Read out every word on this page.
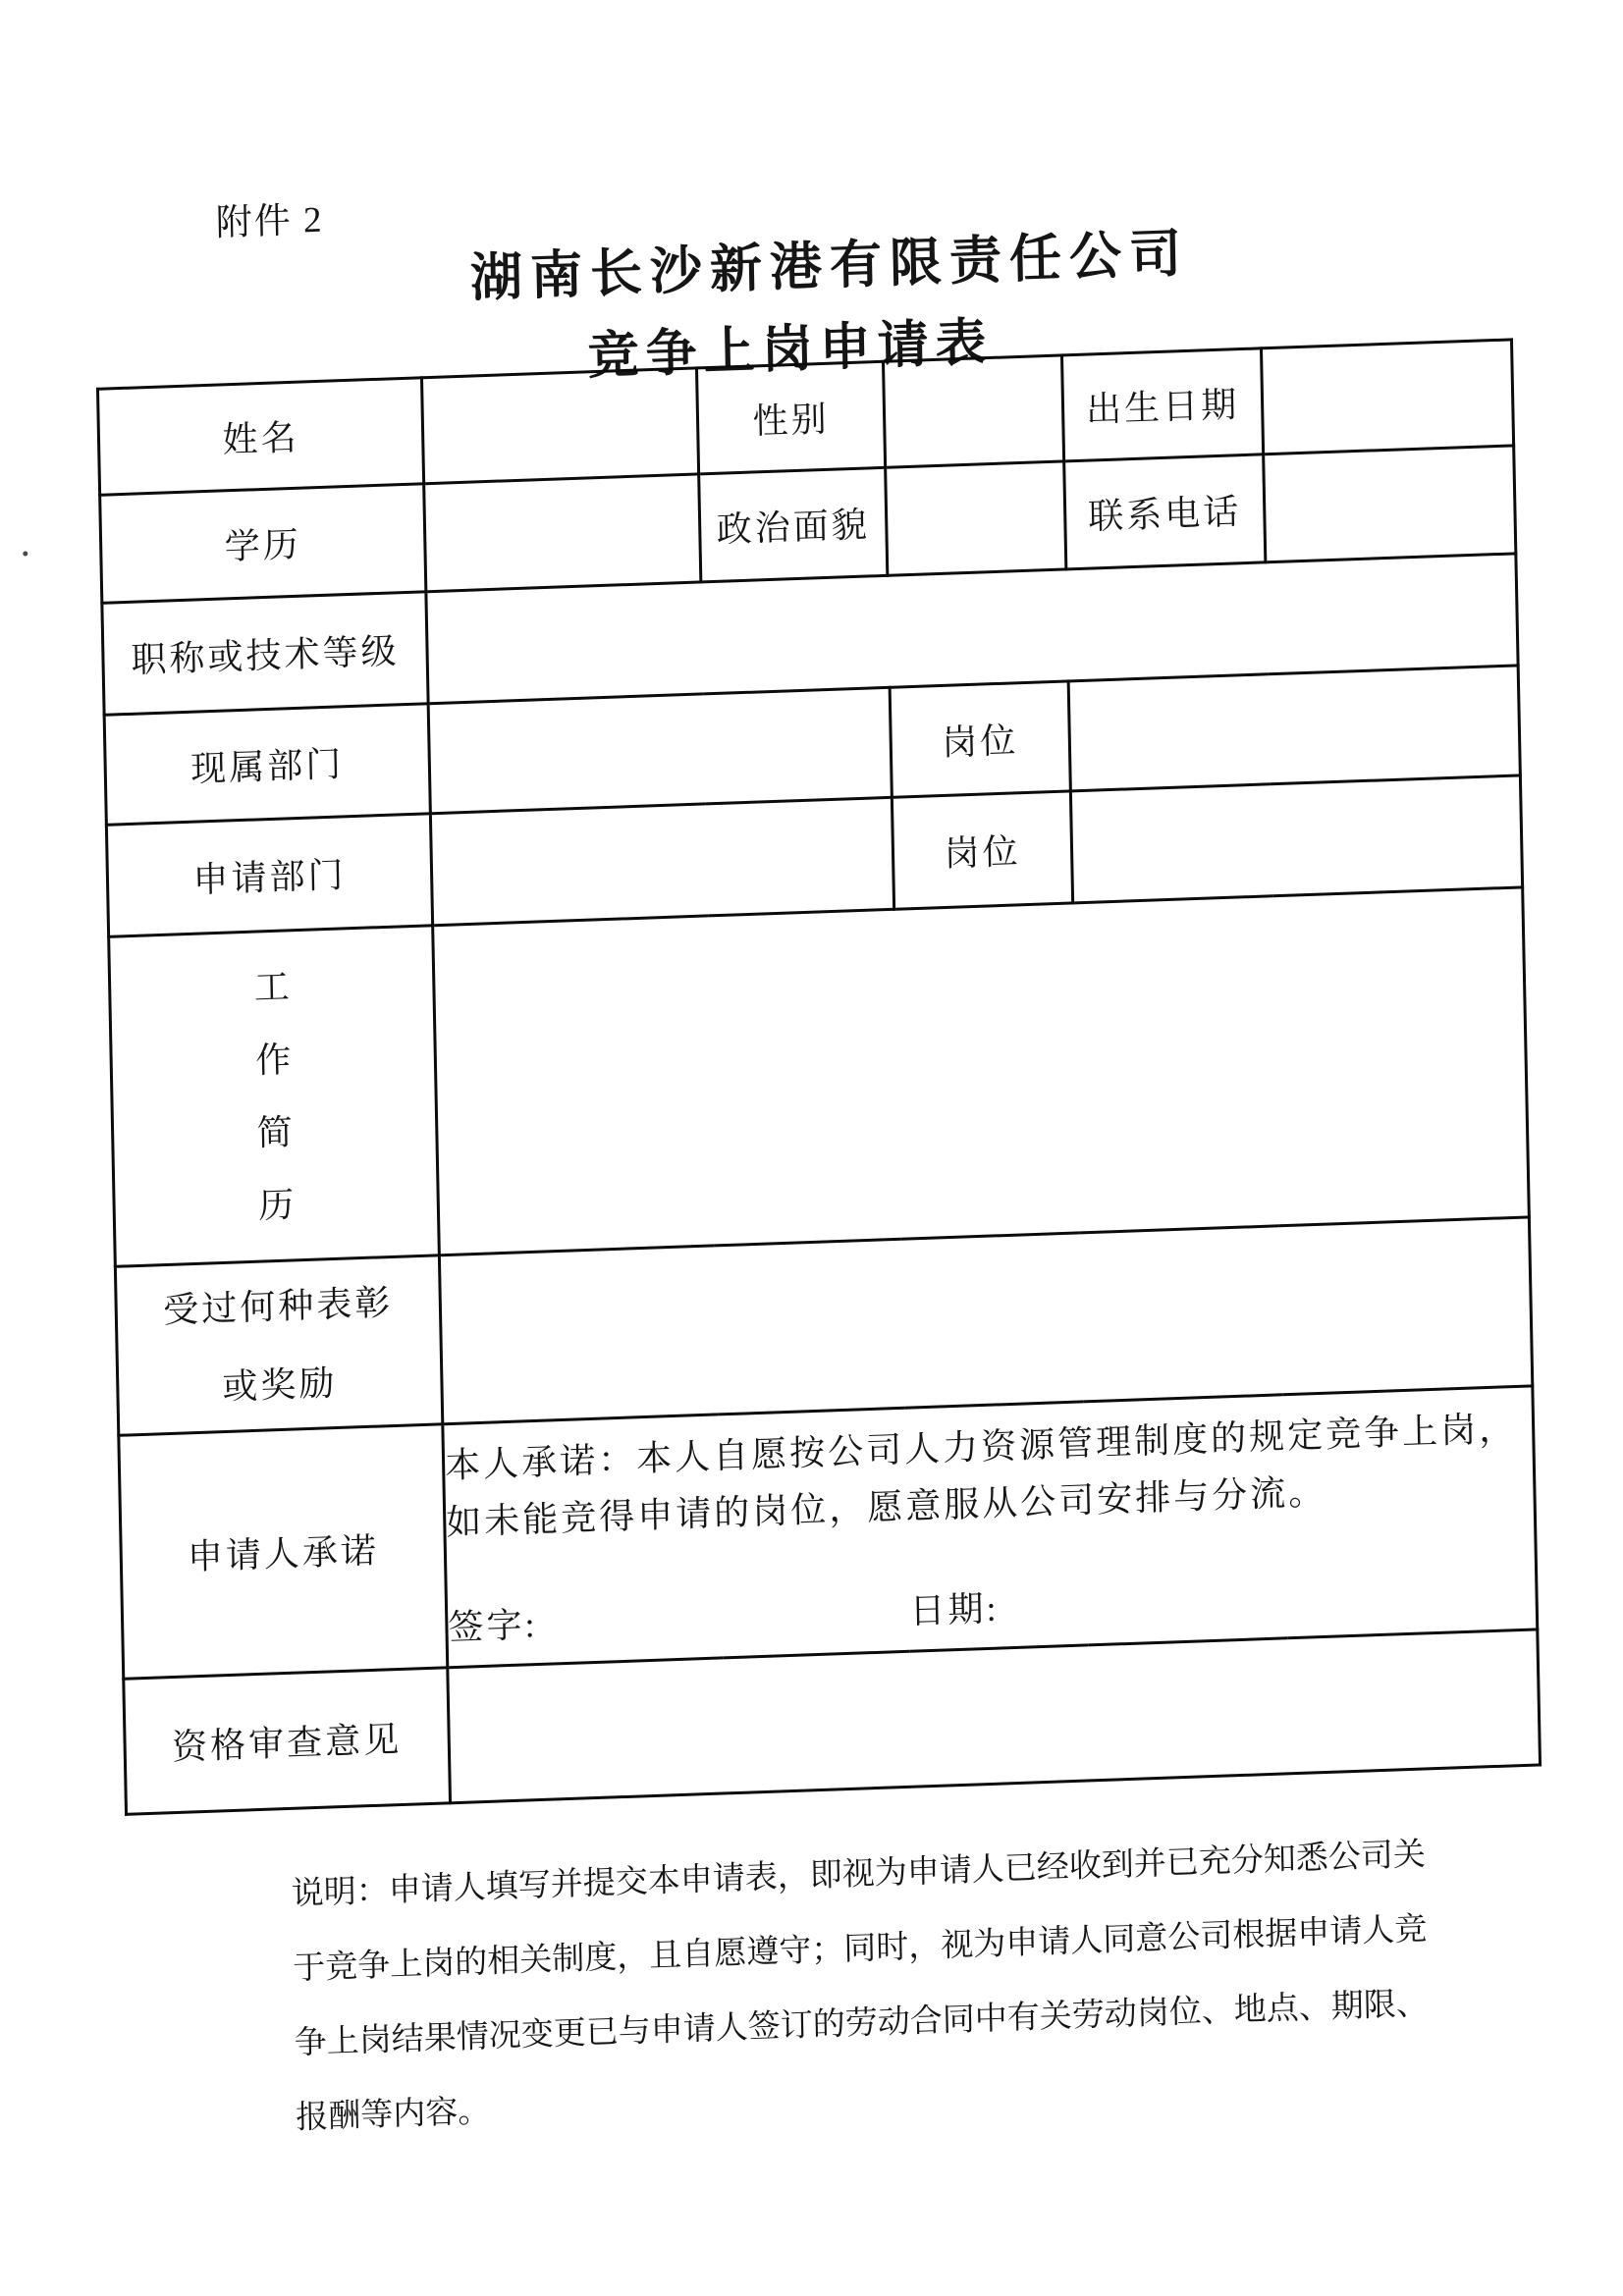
附件 2
湖南长沙新港有限责任公司
竞争上岗申请表
姓名		性别		出生日期	
学历		政治面貌		联系电话	
职称或技术等级					
现属部门			岗位		
申请部门			岗位		

工
作
简
历					

受过何种表彰
或奖励					

申请人承诺	本人承诺：本人自愿按公司人力资源管理制度的规定竞争上岗，
如未能竞得申请的岗位，愿意服从公司安排与分流。
签字: 日期:				

资格审查意见					
说明：申请人填写并提交本申请表，即视为申请人已经收到并已充分知悉公司关
于竞争上岗的相关制度，且自愿遵守；同时，视为申请人同意公司根据申请人竞
争上岗结果情况变更已与申请人签订的劳动合同中有关劳动岗位、地点、期限、
报酬等内容。
